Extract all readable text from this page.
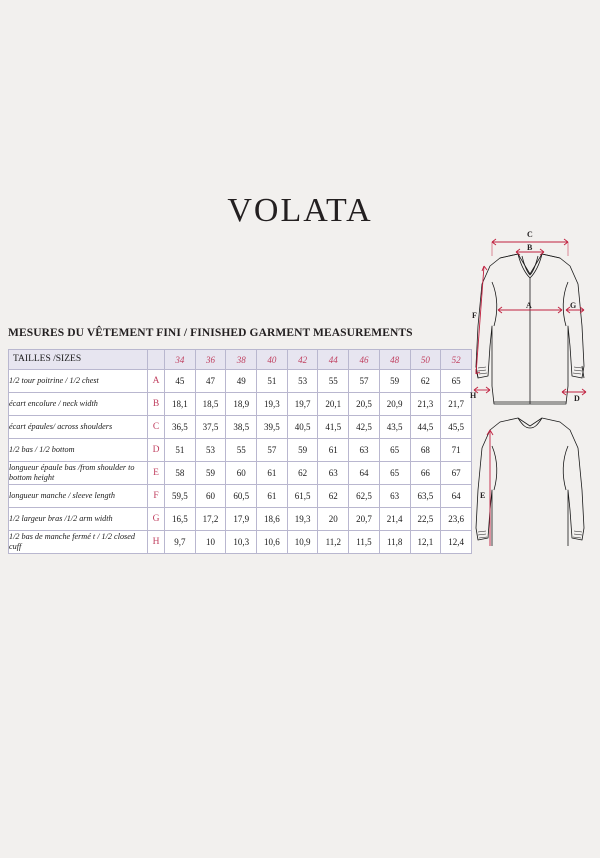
VOLATA
MESURES DU VÊTEMENT FINI / FINISHED GARMENT MEASUREMENTS
TAILLES /SIZES		34	36	38	40	42	44	46	48	50	52
1/2 tour poitrine / 1/2 chest	A	45	47	49	51	53	55	57	59	62	65
écart encolure / neck width	B	18,1	18,5	18,9	19,3	19,7	20,1	20,5	20,9	21,3	21,7
écart épaules/ across shoulders	C	36,5	37,5	38,5	39,5	40,5	41,5	42,5	43,5	44,5	45,5
1/2 bas / 1/2 bottom	D	51	53	55	57	59	61	63	65	68	71
longueur épaule bas /from shoulder to bottom height	E	58	59	60	61	62	63	64	65	66	67
longueur manche / sleeve length	F	59,5	60	60,5	61	61,5	62	62,5	63	63,5	64
1/2 largeur bras /1/2 arm width	G	16,5	17,2	17,9	18,6	19,3	20	20,7	21,4	22,5	23,6
1/2 bas de manche fermé t / 1/2 closed cuff	H	9,7	10	10,3	10,6	10,9	11,2	11,5	11,8	12,1	12,4
C
B
A	G
F
H	D
E
